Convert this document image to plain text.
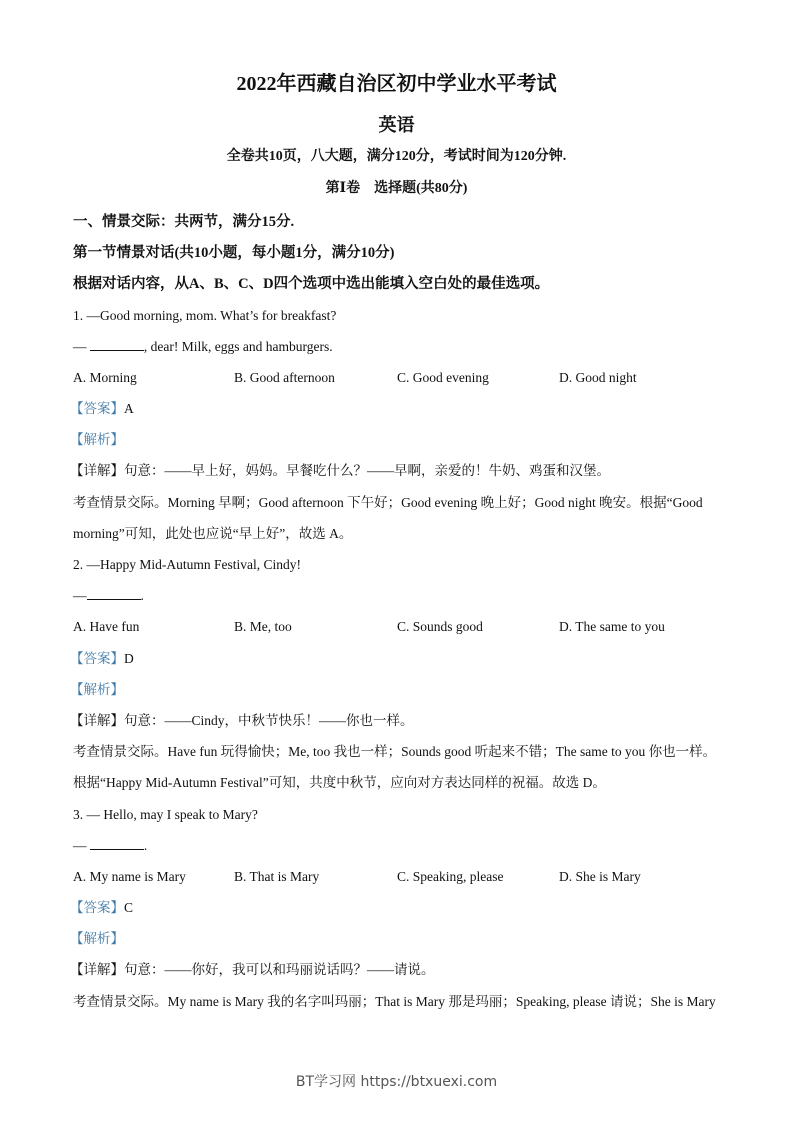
2022年西藏自治区初中学业水平考试
英语
全卷共10页，八大题，满分120分，考试时间为120分钟.
第Ⅰ卷　选择题(共80分)
一、情景交际：共两节，满分15分.
第一节情景对话(共10小题，每小题1分，满分10分)
根据对话内容，从A、B、C、D四个选项中选出能填入空白处的最佳选项。
1. —Good morning, mom. What’s for breakfast?
—	, dear! Milk, eggs and hamburgers.
A. Morning	B. Good afternoon	C. Good evening	D. Good night
【答案】A
【解析】
【详解】句意：——早上好，妈妈。早餐吃什么？——早啊，亲爱的！牛奶、鸡蛋和汉堡。
考查情景交际。Morning 早啊；Good afternoon 下午好；Good evening 晚上好；Good night 晚安。根据“Good
morning”可知，此处也应说“早上好”，故选 A。
2. —Happy Mid-Autumn Festival, Cindy!
—	.
A. Have fun	B. Me, too	C. Sounds good	D. The same to you
【答案】D
【解析】
【详解】句意：——Cindy，中秋节快乐！——你也一样。
考查情景交际。Have fun 玩得愉快；Me, too 我也一样；Sounds good 听起来不错；The same to you 你也一样。
根据“Happy Mid-Autumn Festival”可知，共度中秋节，应向对方表达同样的祝福。故选 D。
3. — Hello, may I speak to Mary?
—	.
A. My name is Mary	B. That is Mary	C. Speaking, please	D. She is Mary
【答案】C
【解析】
【详解】句意：——你好，我可以和玛丽说话吗？——请说。
考查情景交际。My name is Mary 我的名字叫玛丽；That is Mary 那是玛丽；Speaking, please 请说；She is Mary
BT学习网 https://btxuexi.com
